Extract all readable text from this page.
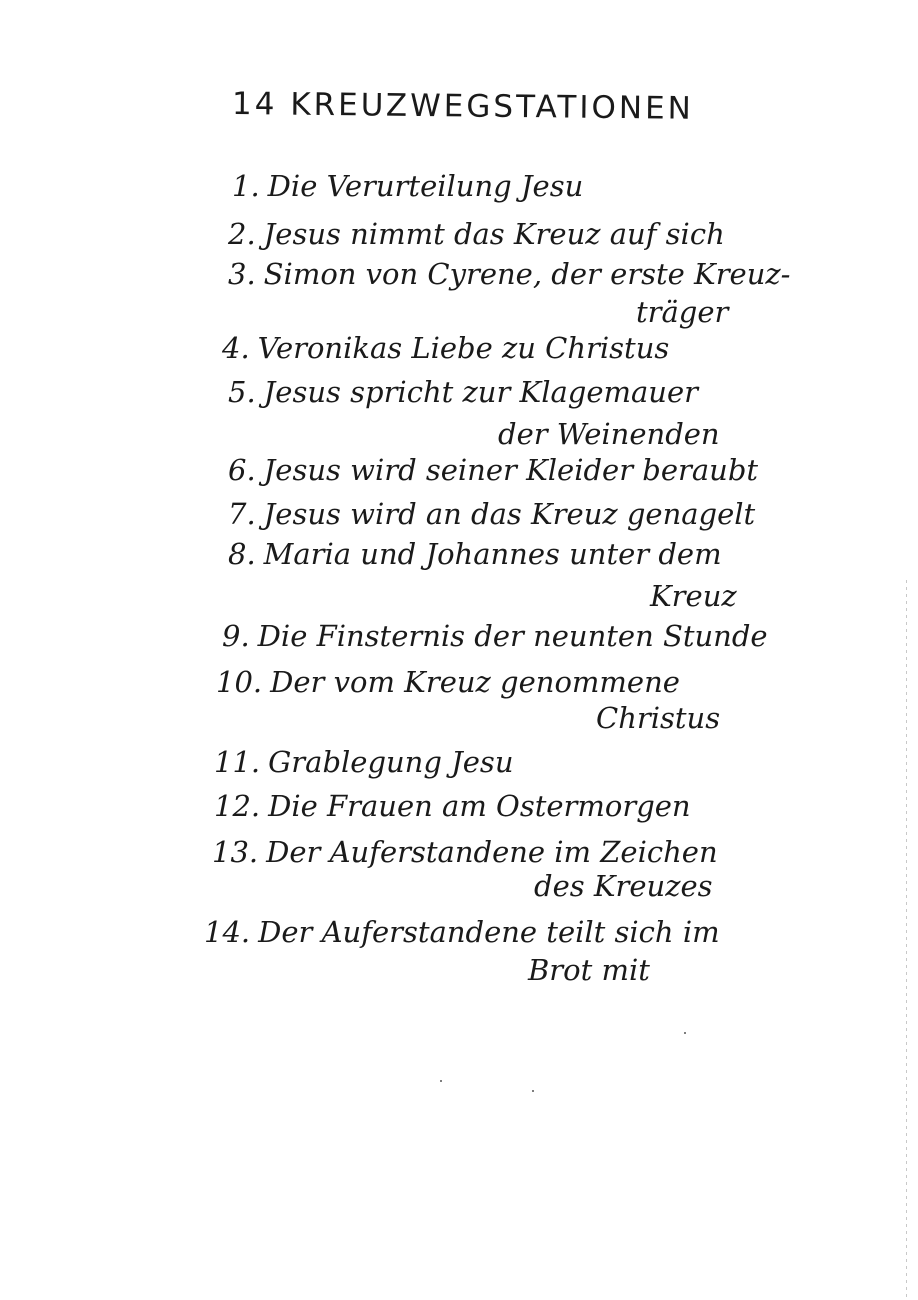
14 KREUZWEGSTATIONEN
1. Die Verurteilung Jesu
2. Jesus nimmt das Kreuz auf sich
3. Simon von Cyrene, der erste Kreuz-
träger
4. Veronikas Liebe zu Christus
5. Jesus spricht zur Klagemauer
der Weinenden
6. Jesus wird seiner Kleider beraubt
7. Jesus wird an das Kreuz genagelt
8. Maria und Johannes unter dem
Kreuz
9. Die Finsternis der neunten Stunde
10. Der vom Kreuz genommene
Christus
11. Grablegung Jesu
12. Die Frauen am Ostermorgen
13. Der Auferstandene im Zeichen
des Kreuzes
14. Der Auferstandene teilt sich im
Brot mit
